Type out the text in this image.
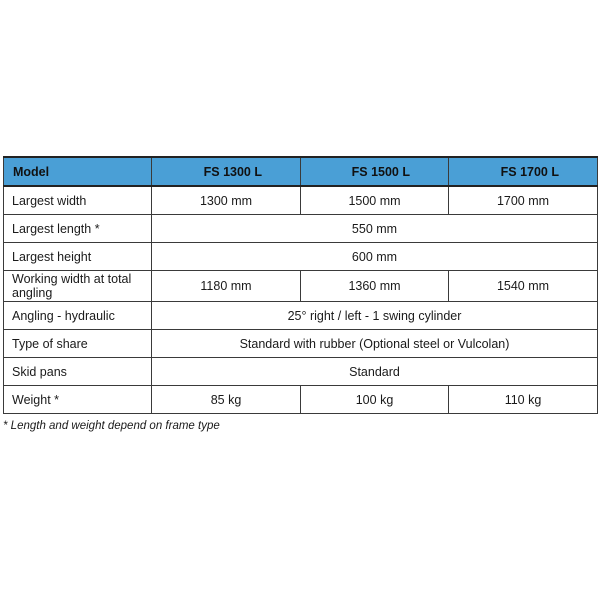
Model	FS 1300 L	FS 1500 L	FS 1700 L
Largest width	1300 mm	1500 mm	1700 mm
Largest length *	550 mm		
Largest height	600 mm		
Working width at total angling	1180 mm	1360 mm	1540 mm
Angling - hydraulic	25° right / left - 1 swing cylinder		
Type of share	Standard with rubber (Optional steel or Vulcolan)		
Skid pans	Standard		
Weight *	85 kg	100 kg	110 kg
* Length and weight depend on frame type
